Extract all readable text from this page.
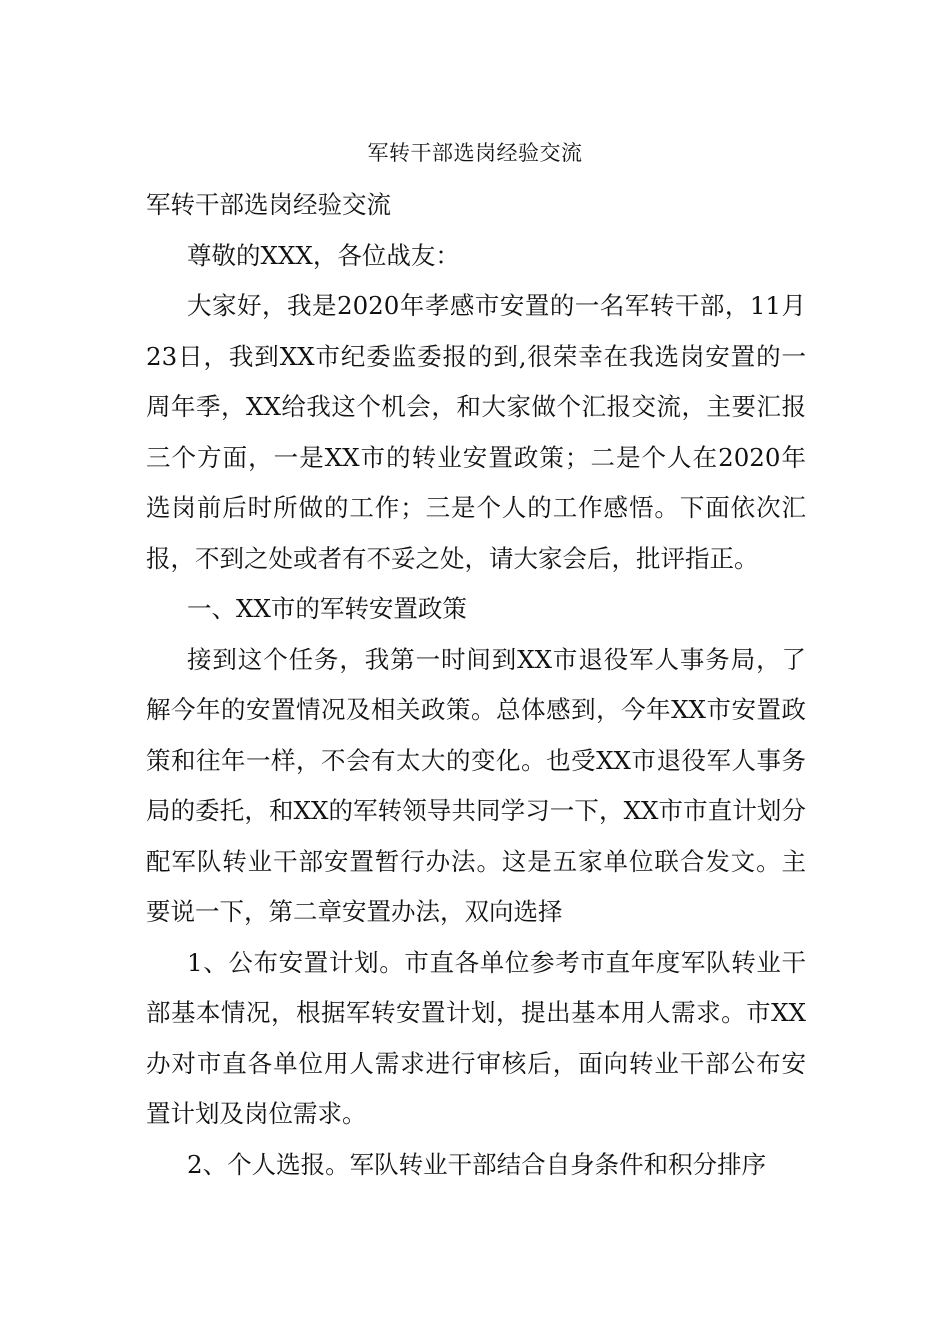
军转干部选岗经验交流

军转干部选岗经验交流

尊敬的XXX，各位战友：

大家好，我是2020年孝感市安置的一名军转干部，11月23日，我到XX市纪委监委报的到,很荣幸在我选岗安置的一周年季，XX给我这个机会，和大家做个汇报交流，主要汇报三个方面，一是XX市的转业安置政策；二是个人在2020年选岗前后时所做的工作；三是个人的工作感悟。下面依次汇报，不到之处或者有不妥之处，请大家会后，批评指正。

一、XX市的军转安置政策

接到这个任务，我第一时间到XX市退役军人事务局，了解今年的安置情况及相关政策。总体感到，今年XX市安置政策和往年一样，不会有太大的变化。也受XX市退役军人事务局的委托，和XX的军转领导共同学习一下，XX市市直计划分配军队转业干部安置暂行办法。这是五家单位联合发文。主要说一下，第二章安置办法，双向选择

1、公布安置计划。市直各单位参考市直年度军队转业干部基本情况，根据军转安置计划，提出基本用人需求。市XX办对市直各单位用人需求进行审核后，面向转业干部公布安置计划及岗位需求。

2、个人选报。军队转业干部结合自身条件和积分排序
